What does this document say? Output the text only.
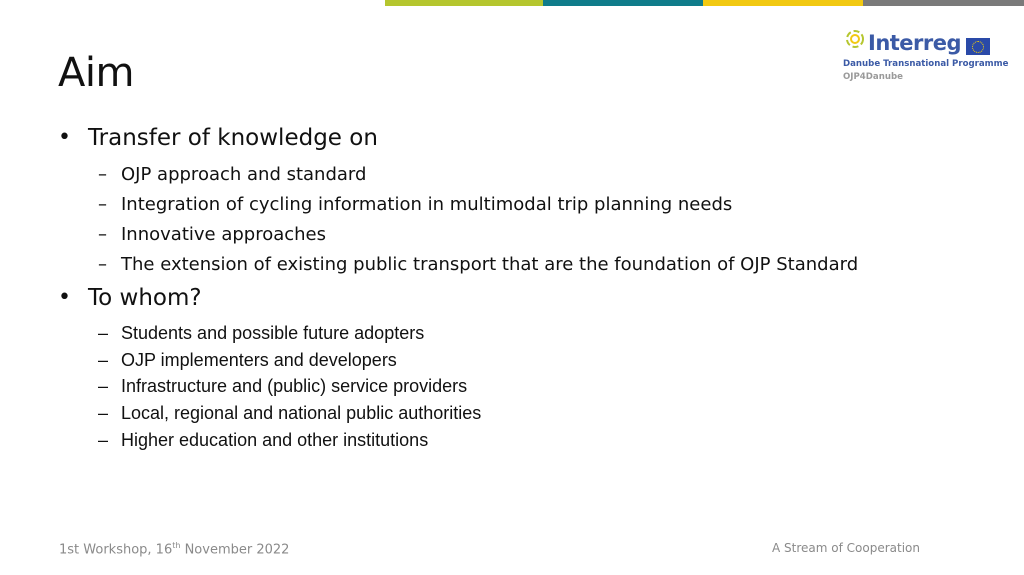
Aim
Interreg
Danube Transnational Programme
OJP4Danube
• Transfer of knowledge on
– OJP approach and standard
– Integration of cycling information in multimodal trip planning needs
– Innovative approaches
– The extension of existing public transport that are the foundation of OJP Standard
• To whom?
– Students and possible future adopters
– OJP implementers and developers
– Infrastructure and (public) service providers
– Local, regional and national public authorities
– Higher education and other institutions
1st Workshop, 16th November 2022	A Stream of Cooperation
